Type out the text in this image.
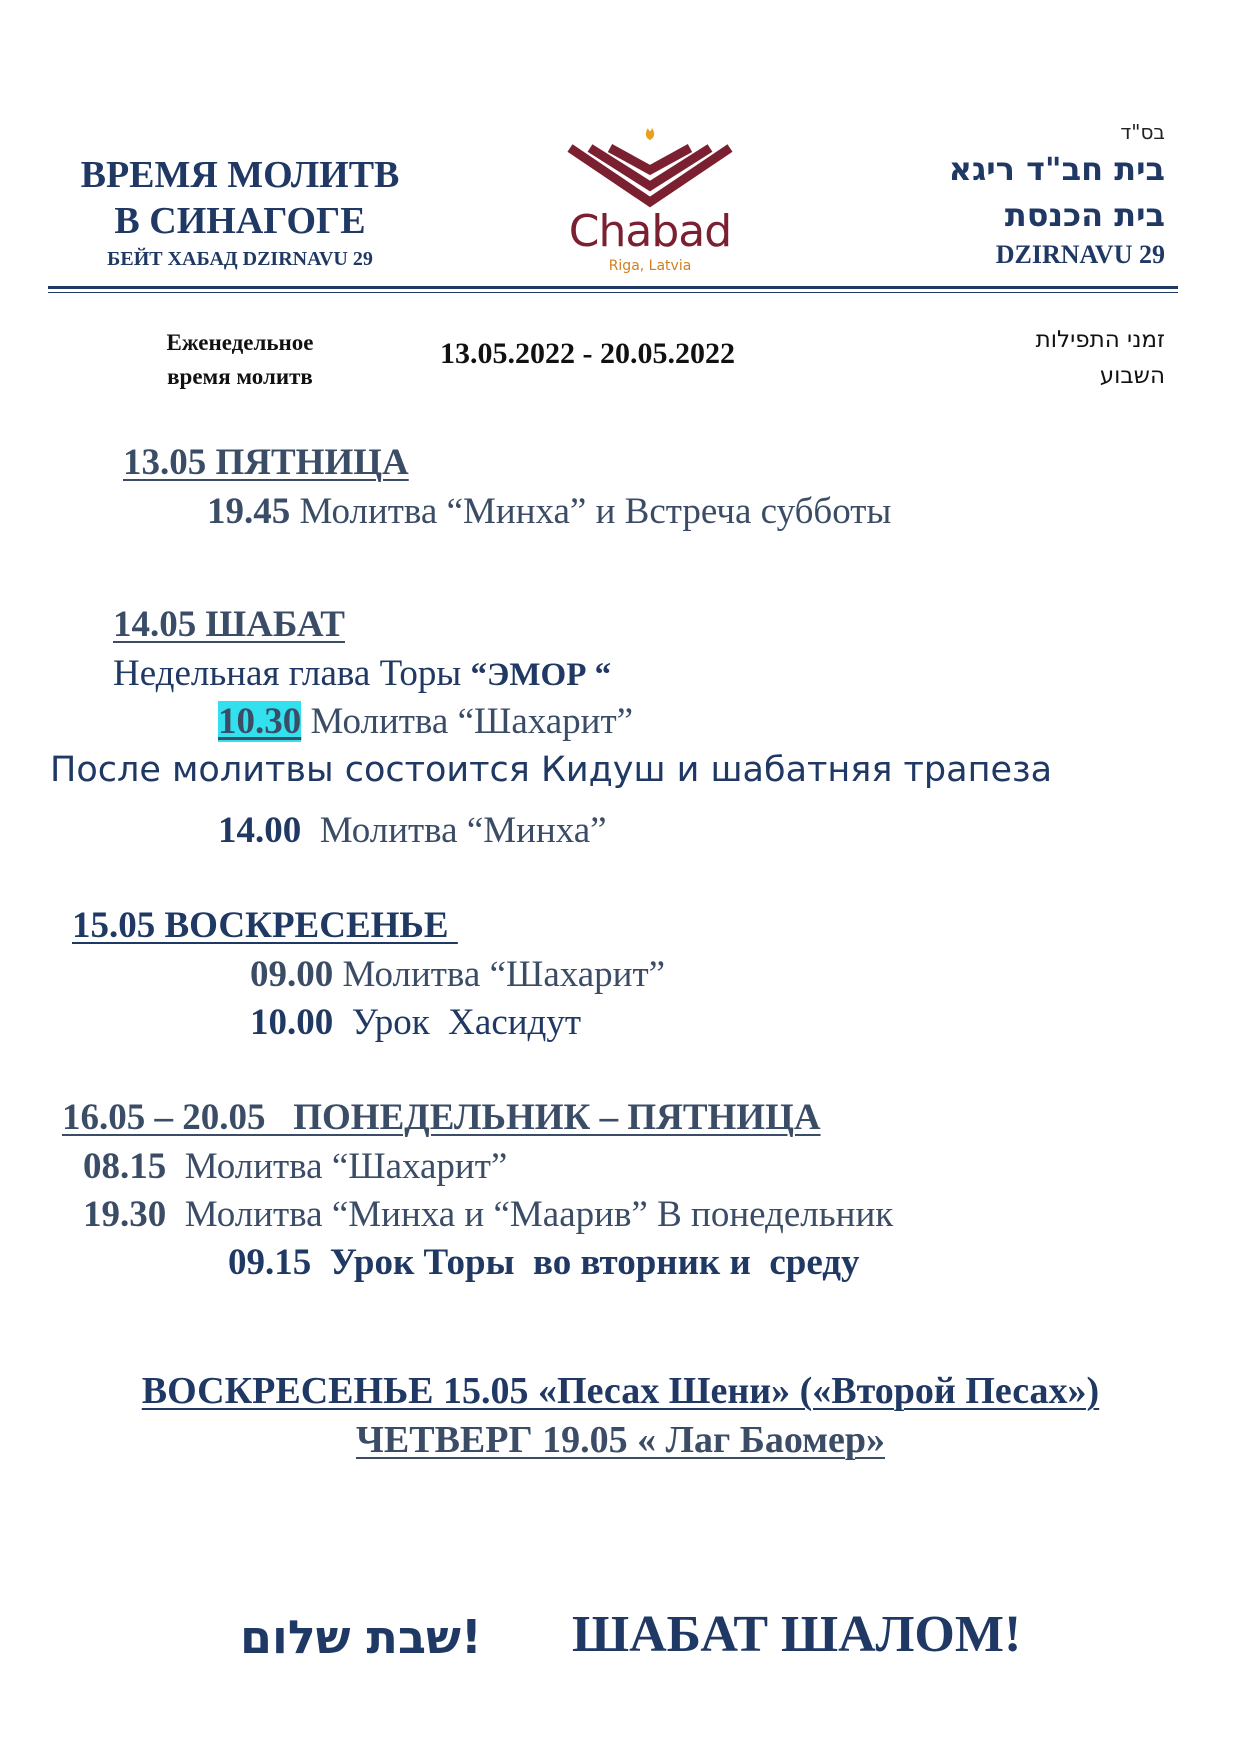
ВРЕМЯ МОЛИТВ
В СИНАГОГЕ
БЕЙТ ХАБАД DZIRNAVU 29
Chabad
Riga, Latvia
בס"ד
בית חב"ד ריגא
בית הכנסת
DZIRNAVU 29
Еженедельное
время молитв
13.05.2022 - 20.05.2022	זמני התפילות
השבוע
13.05 ПЯТНИЦА
19.45 Молитва “Минха” и Встреча субботы
14.05 ШАБАТ
Недельная глава Торы “ЭМОР “
10.30 Молитва “Шахарит”
После молитвы состоится Кидуш и шабатняя трапеза
14.00  Молитва “Минха”
15.05 ВОСКРЕСЕНЬЕ
09.00 Молитва “Шахарит”
10.00  Урок  Хасидут
16.05 – 20.05   ПОНЕДЕЛЬНИК – ПЯТНИЦА
08.15  Молитва “Шахарит”
19.30  Молитва “Минха и “Маарив” В понедельник
09.15  Урок Торы  во вторник и  среду
ВОСКРЕСЕНЬЕ 15.05 «Песах Шени» («Второй Песах»)
ЧЕТВЕРГ 19.05 « Лаг Баомер»
!שבת שלום ШАБАТ ШАЛОМ!
